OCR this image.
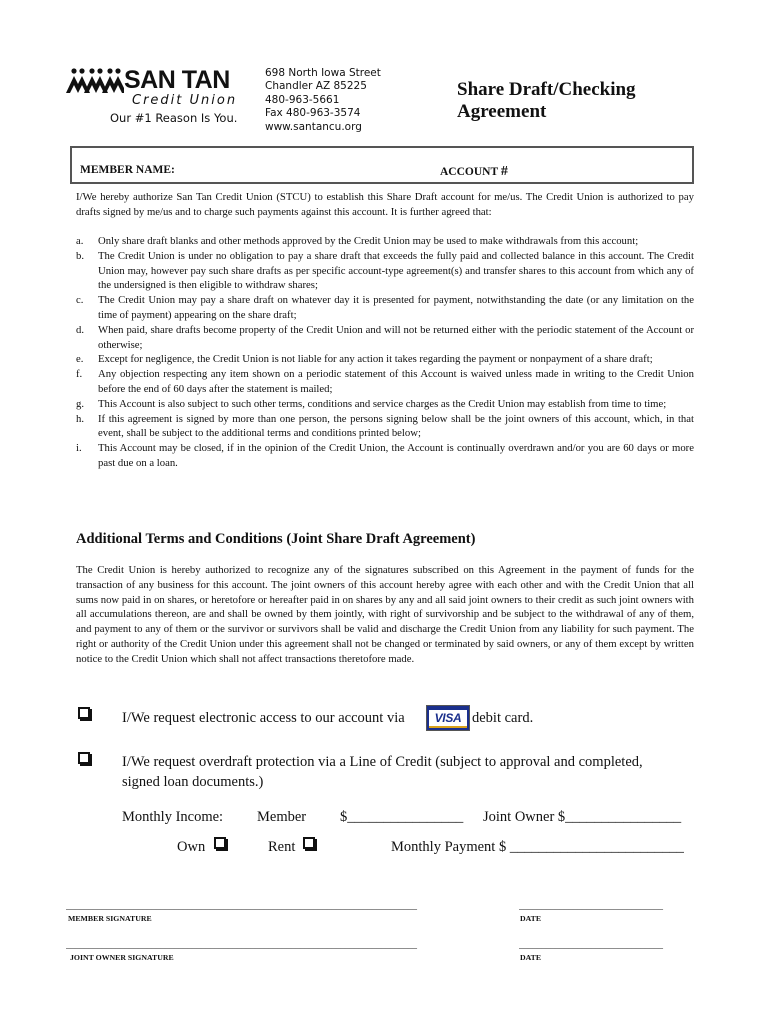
SAN TAN
Credit Union
Our #1 Reason Is You.
698 North Iowa Street
Chandler AZ 85225
480-963-5661
Fax 480-963-3574
www.santancu.org
Share Draft/Checking
Agreement
MEMBER NAME:	ACCOUNT #
I/We hereby authorize San Tan Credit Union (STCU) to establish this Share Draft account for me/us. The Credit Union is authorized to pay drafts signed by me/us and to charge such payments against this account. It is further agreed that:
a. Only share draft blanks and other methods approved by the Credit Union may be used to make withdrawals from this account;
b. The Credit Union is under no obligation to pay a share draft that exceeds the fully paid and collected balance in this account. The Credit Union may, however pay such share drafts as per specific account-type agreement(s) and transfer shares to this account from which any of the undersigned is then eligible to withdraw shares;
c. The Credit Union may pay a share draft on whatever day it is presented for payment, notwithstanding the date (or any limitation on the time of payment) appearing on the share draft;
d. When paid, share drafts become property of the Credit Union and will not be returned either with the periodic statement of the Account or otherwise;
e. Except for negligence, the Credit Union is not liable for any action it takes regarding the payment or nonpayment of a share draft;
f. Any objection respecting any item shown on a periodic statement of this Account is waived unless made in writing to the Credit Union before the end of 60 days after the statement is mailed;
g. This Account is also subject to such other terms, conditions and service charges as the Credit Union may establish from time to time;
h. If this agreement is signed by more than one person, the persons signing below shall be the joint owners of this account, which, in that event, shall be subject to the additional terms and conditions printed below;
i. This Account may be closed, if in the opinion of the Credit Union, the Account is continually overdrawn and/or you are 60 days or more past due on a loan.
Additional Terms and Conditions (Joint Share Draft Agreement)
The Credit Union is hereby authorized to recognize any of the signatures subscribed on this Agreement in the payment of funds for the transaction of any business for this account. The joint owners of this account hereby agree with each other and with the Credit Union that all sums now paid in on shares, or heretofore or hereafter paid in on shares by any and all said joint owners to their credit as such joint owners with all accumulations thereon, are and shall be owned by them jointly, with right of survivorship and be subject to the withdrawal of any of them, and payment to any of them or the survivor or survivors shall be valid and discharge the Credit Union from any liability for such payment. The right or authority of the Credit Union under this agreement shall not be changed or terminated by said owners, or any of them except by written notice to the Credit Union which shall not affect transactions theretofore made.
I/We request electronic access to our account via	VISA debit card.
I/We request overdraft protection via a Line of Credit (subject to approval and completed,
signed loan documents.)
Monthly Income: Member $________________ Joint Owner $________________
Own	Rent	Monthly Payment $ ________________________
______________________________________________________________________________
MEMBER SIGNATURE
________________________________
DATE
______________________________________________________________________________
JOINT OWNER SIGNATURE
________________________________
DATE
